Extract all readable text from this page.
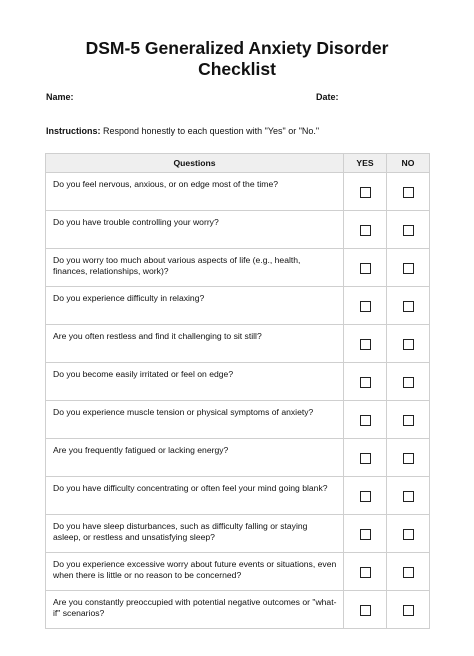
DSM-5 Generalized Anxiety Disorder
Checklist
Name:	Date:

Instructions: Respond honestly to each question with "Yes" or "No."

Questions	YES	NO
Do you feel nervous, anxious, or on edge most of the time?		
Do you have trouble controlling your worry?		
Do you worry too much about various aspects of life (e.g., health, finances, relationships, work)?		
Do you experience difficulty in relaxing?		
Are you often restless and find it challenging to sit still?		
Do you become easily irritated or feel on edge?		
Do you experience muscle tension or physical symptoms of anxiety?		
Are you frequently fatigued or lacking energy?		
Do you have difficulty concentrating or often feel your mind going blank?		
Do you have sleep disturbances, such as difficulty falling or staying asleep, or restless and unsatisfying sleep?		
Do you experience excessive worry about future events or situations, even when there is little or no reason to be concerned?		
Are you constantly preoccupied with potential negative outcomes or "what-if" scenarios?		
